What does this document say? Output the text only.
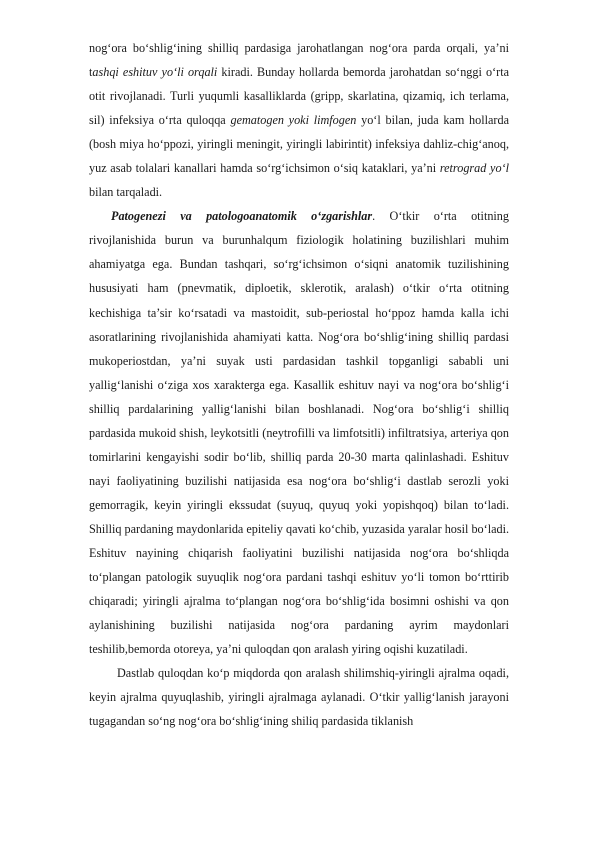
nog‘ora bo‘shlig‘ining shilliq pardasiga jarohatlangan nog‘ora parda orqali, ya’ni tashqi eshituv yo‘li orqali kiradi. Bunday hollarda bemorda jarohatdan so‘nggi o‘rta otit rivojlanadi. Turli yuqumli kasalliklarda (gripp, skarlatina, qizamiq, ich terlama, sil) infeksiya o‘rta quloqqa gematogen yoki limfogen yo‘l bilan, juda kam hollarda (bosh miya ho‘ppozi, yiringli meningit, yiringli labirintit) infeksiya dahliz-chig‘anoq, yuz asab tolalari kanallari hamda so‘rg‘ichsimon o‘siq kataklari, ya’ni retrograd yo‘l bilan tarqaladi.

Patogenezi va patologoanatomik o‘zgarishlar. O‘tkir o‘rta otitning rivojlanishida burun va burunhalqum fiziologik holatining buzilishlari muhim ahamiyatga ega. Bundan tashqari, so‘rg‘ichsimon o‘siqni anatomik tuzilishining hususiyati ham (pnevmatik, diploetik, sklerotik, aralash) o‘tkir o‘rta otitning kechishiga ta’sir ko‘rsatadi va mastoidit, sub-periostal ho‘ppoz hamda kalla ichi asoratlarining rivojlanishida ahamiyati katta. Nog‘ora bo‘shlig‘ining shilliq pardasi mukoperiostdan, ya’ni suyak usti pardasidan tashkil topganligi sababli uni yallig‘lanishi o‘ziga xos xarakterga ega. Kasallik eshituv nayi va nog‘ora bo‘shlig‘i shilliq pardalarining yallig‘lanishi bilan boshlanadi. Nog‘ora bo‘shlig‘i shilliq pardasida mukoid shish, leykotsitli (neytrofilli va limfotsitli) infiltratsiya, arteriya qon tomirlarini kengayishi sodir bo‘lib, shilliq parda 20-30 marta qalinlashadi. Eshituv nayi faoliyatining buzilishi natijasida esa nog‘ora bo‘shlig‘i dastlab serozli yoki gemorragik, keyin yiringli ekssudat (suyuq, quyuq yoki yopishqoq) bilan to‘ladi. Shilliq pardaning maydonlarida epiteliy qavati ko‘chib, yuzasida yaralar hosil bo‘ladi. Eshituv nayining chiqarish faoliyatini buzilishi natijasida nog‘ora bo‘shliqda to‘plangan patologik suyuqlik nog‘ora pardani tashqi eshituv yo‘li tomon bo‘rttirib chiqaradi; yiringli ajralma to‘plangan nog‘ora bo‘shlig‘ida bosimni oshishi va qon aylanishining buzilishi natijasida nog‘ora pardaning ayrim maydonlari teshilib,bemorda otoreya, ya’ni quloqdan qon aralash yiring oqishi kuzatiladi.

Dastlab quloqdan ko‘p miqdorda qon aralash shilimshiq-yiringli ajralma oqadi, keyin ajralma quyuqlashib, yiringli ajralmaga aylanadi. O‘tkir yallig‘lanish jarayoni tugagandan so‘ng nog‘ora bo‘shlig‘ining shiliq pardasida tiklanish
